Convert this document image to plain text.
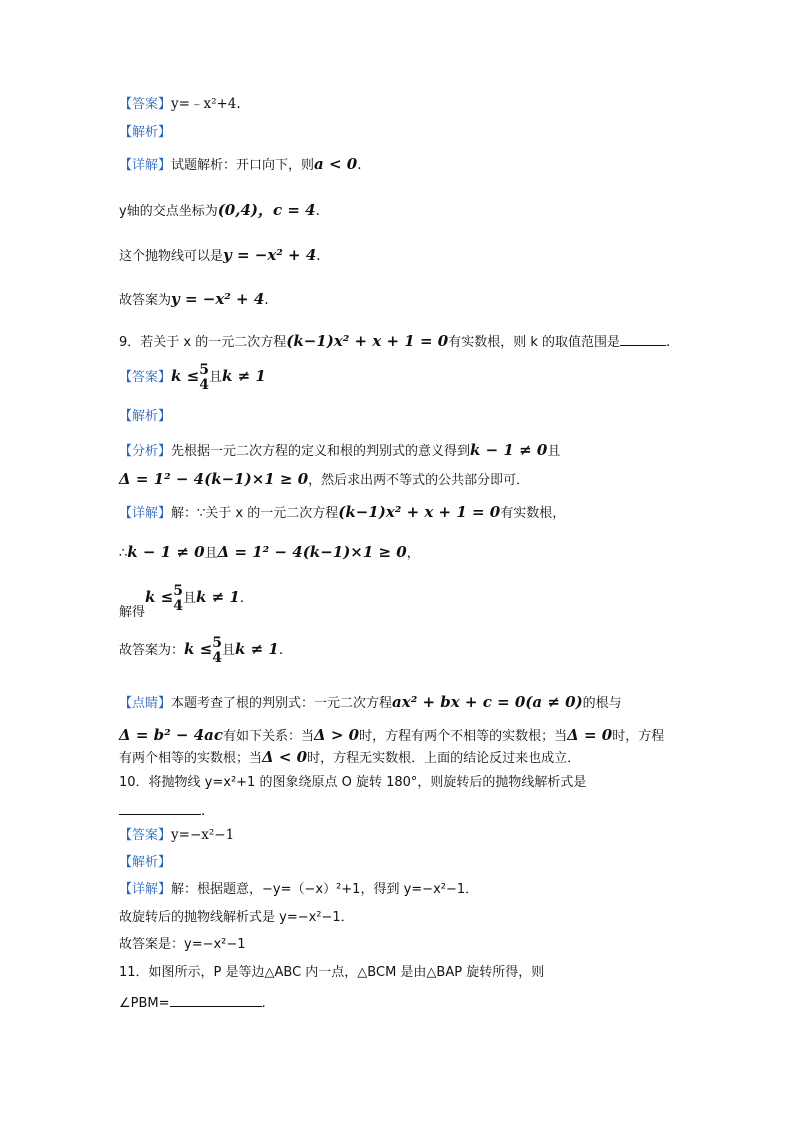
【答案】y=﹣x²+4.
【解析】
【详解】试题解析：开口向下，则a < 0.
y轴的交点坐标为(0,4)，c = 4.
这个抛物线可以是y = −x² + 4.
故答案为y = −x² + 4.
9．若关于 x 的一元二次方程(k−1)x² + x + 1 = 0有实数根，则 k 的取值范围是	．
【答案】k ≤ 5
4 且k ≠ 1
【解析】
【分析】先根据一元二次方程的定义和根的判别式的意义得到k − 1 ≠ 0且
Δ = 1² − 4(k−1)×1 ≥ 0，然后求出两不等式的公共部分即可．
【详解】解：∵关于 x 的一元二次方程(k−1)x² + x + 1 = 0有实数根，
∴k − 1 ≠ 0且Δ = 1² − 4(k−1)×1 ≥ 0，
解得k ≤ 5
4 且k ≠ 1．
故答案为：k ≤ 5
4 且k ≠ 1．
【点睛】本题考查了根的判别式：一元二次方程ax² + bx + c = 0(a ≠ 0)的根与
Δ = b² − 4ac有如下关系：当Δ > 0时，方程有两个不相等的实数根；当Δ = 0时，方程
有两个相等的实数根；当Δ < 0时，方程无实数根．上面的结论反过来也成立．
10．将抛物线 y=x²+1 的图象绕原点 O 旋转 180°，则旋转后的抛物线解析式是
．
【答案】y=−x²−1
【解析】
【详解】解：根据题意，−y=（−x）²+1，得到 y=−x²−1．
故旋转后的抛物线解析式是 y=−x²−1．
故答案是：y=−x²−1
11．如图所示，P 是等边△ABC 内一点，△BCM 是由△BAP 旋转所得，则
∠PBM=	．
